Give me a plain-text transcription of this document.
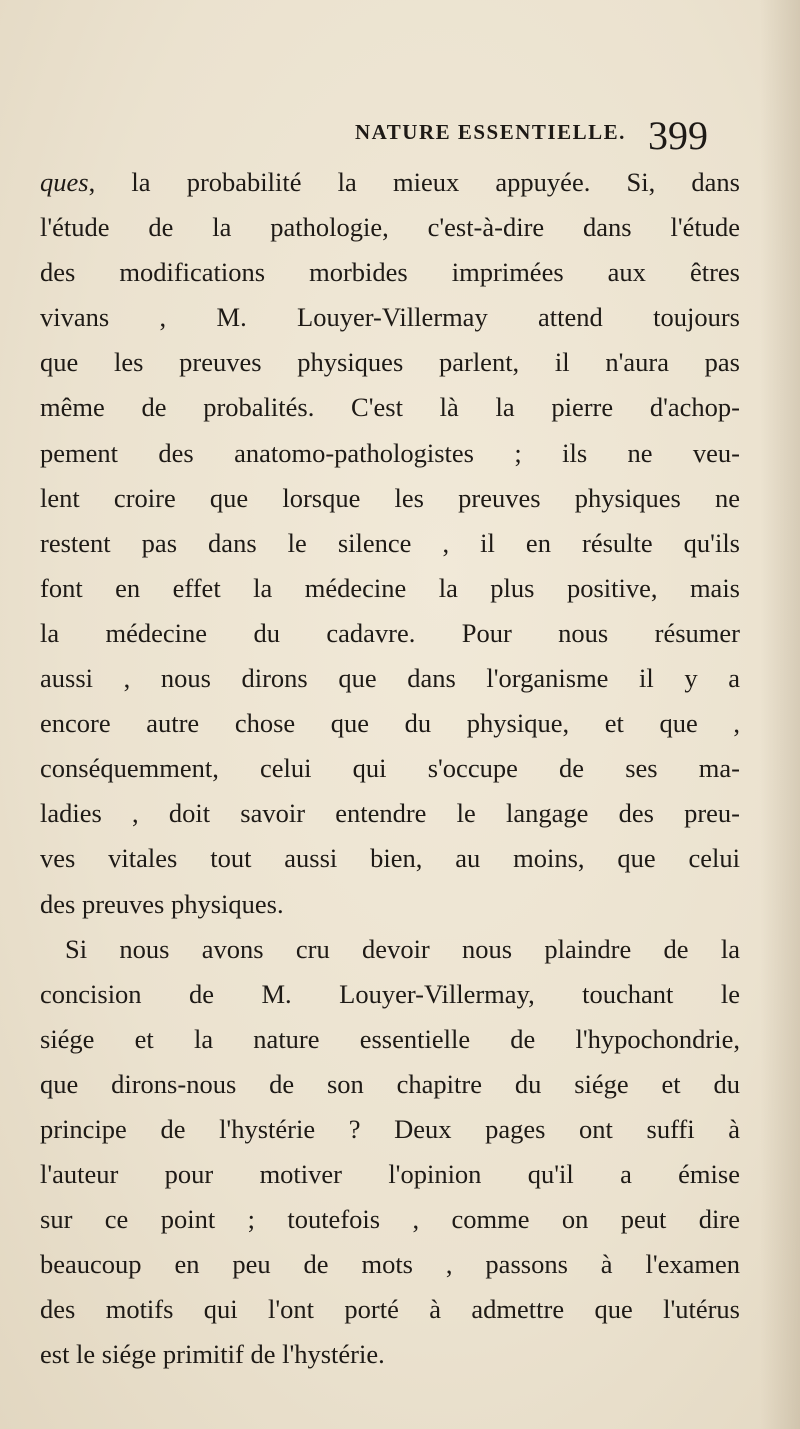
NATURE ESSENTIELLE. 399
ques, la probabilité la mieux appuyée. Si, dans
l'étude de la pathologie, c'est-à-dire dans l'étude
des modifications morbides imprimées aux êtres
vivans , M. Louyer-Villermay attend toujours
que les preuves physiques parlent, il n'aura pas
même de probalités. C'est là la pierre d'achop-
pement des anatomo-pathologistes ; ils ne veu-
lent croire que lorsque les preuves physiques ne
restent pas dans le silence , il en résulte qu'ils
font en effet la médecine la plus positive, mais
la médecine du cadavre. Pour nous résumer
aussi , nous dirons que dans l'organisme il y a
encore autre chose que du physique, et que ,
conséquemment, celui qui s'occupe de ses ma-
ladies , doit savoir entendre le langage des preu-
ves vitales tout aussi bien, au moins, que celui
des preuves physiques.
Si nous avons cru devoir nous plaindre de la
concision de M. Louyer-Villermay, touchant le
siége et la nature essentielle de l'hypochondrie,
que dirons-nous de son chapitre du siége et du
principe de l'hystérie ? Deux pages ont suffi à
l'auteur pour motiver l'opinion qu'il a émise
sur ce point ; toutefois , comme on peut dire
beaucoup en peu de mots , passons à l'examen
des motifs qui l'ont porté à admettre que l'utérus
est le siége primitif de l'hystérie.
